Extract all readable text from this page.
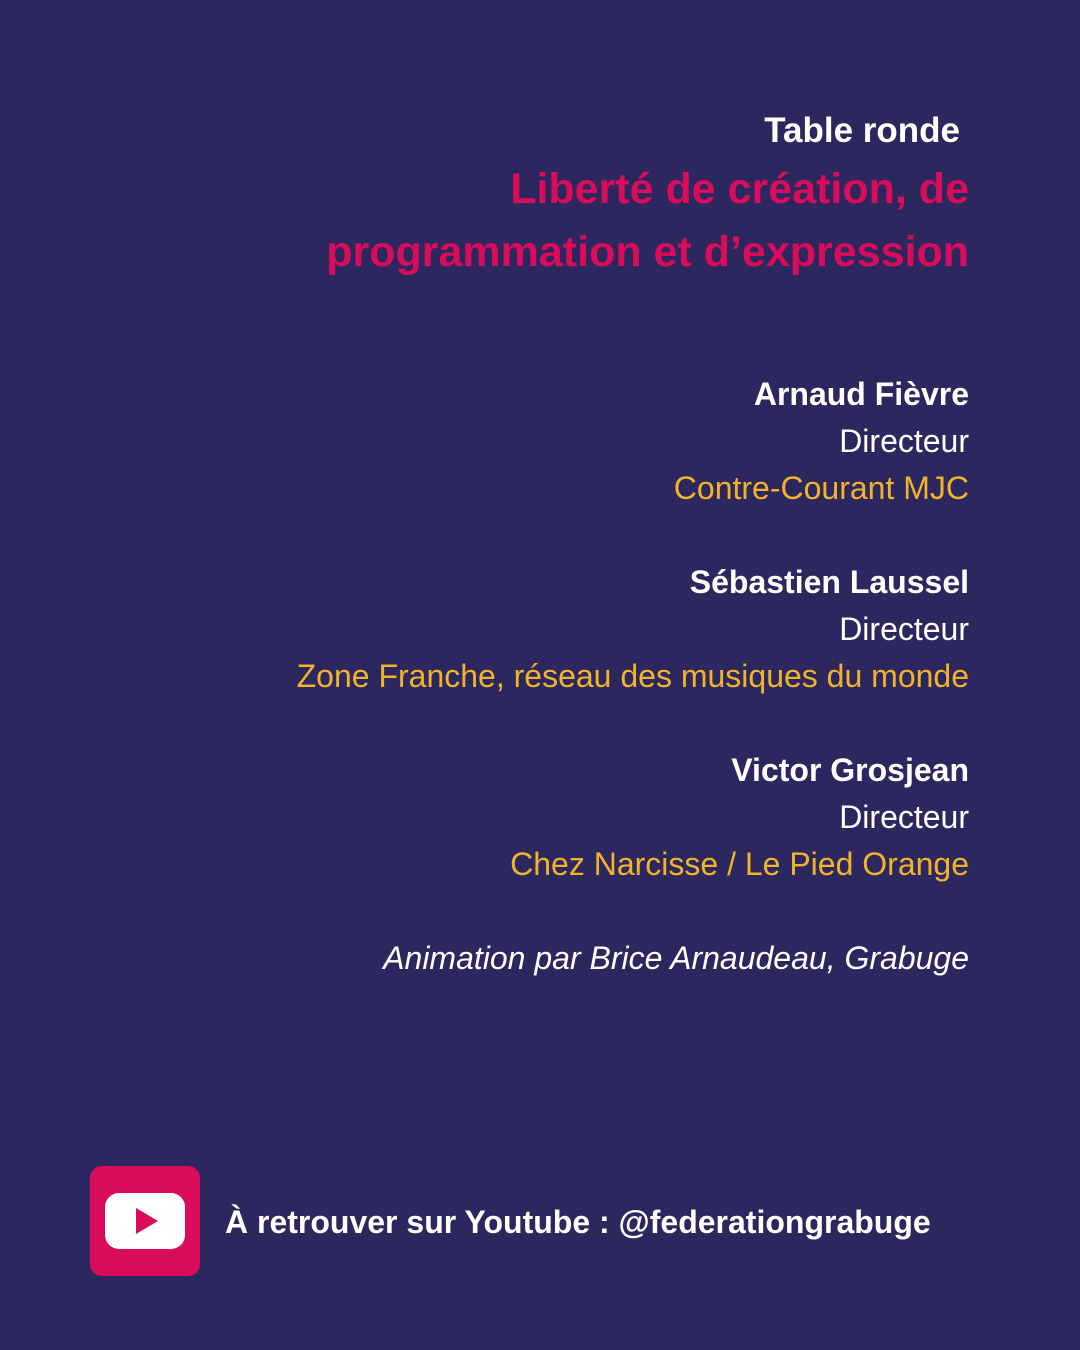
Table ronde

Liberté de création, de
programmation et d’expression
Arnaud Fièvre
Directeur
Contre-Courant MJC
Sébastien Laussel
Directeur
Zone Franche, réseau des musiques du monde
Victor Grosjean
Directeur
Chez Narcisse / Le Pied Orange
Animation par Brice Arnaudeau, Grabuge
À retrouver sur Youtube : @federationgrabuge
